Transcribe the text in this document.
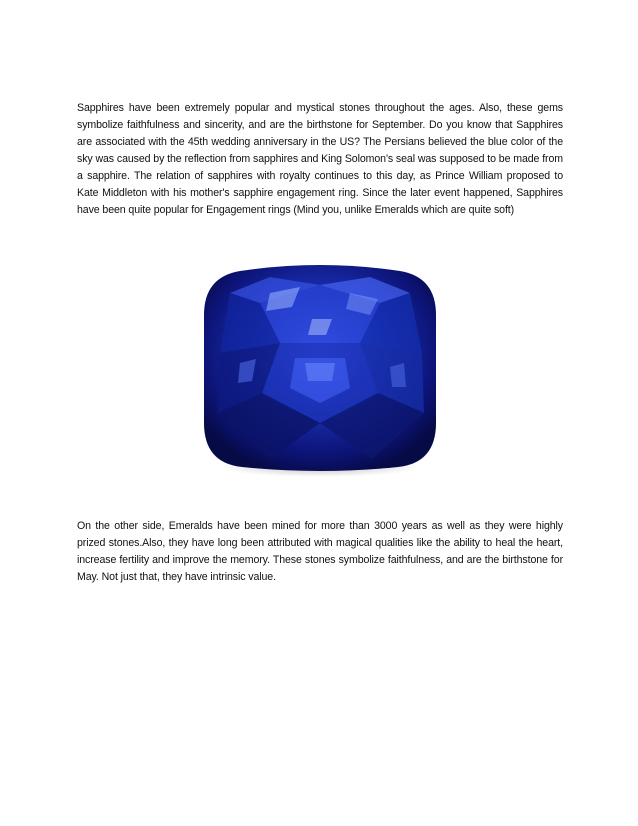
Sapphires have been extremely popular and mystical stones throughout the ages. Also, these gems symbolize faithfulness and sincerity, and are the birthstone for September. Do you know that Sapphires are associated with the 45th wedding anniversary in the US? The Persians believed the blue color of the sky was caused by the reflection from sapphires and King Solomon's seal was supposed to be made from a sapphire. The relation of sapphires with royalty continues to this day, as Prince William proposed to Kate Middleton with his mother's sapphire engagement ring. Since the later event happened, Sapphires have been quite popular for Engagement rings (Mind you, unlike Emeralds which are quite soft)

On the other side, Emeralds have been mined for more than 3000 years as well as they were highly prized stones.Also, they have long been attributed with magical qualities like the ability to heal the heart, increase fertility and improve the memory. These stones symbolize faithfulness, and are the birthstone for May. Not just that, they have intrinsic value.
